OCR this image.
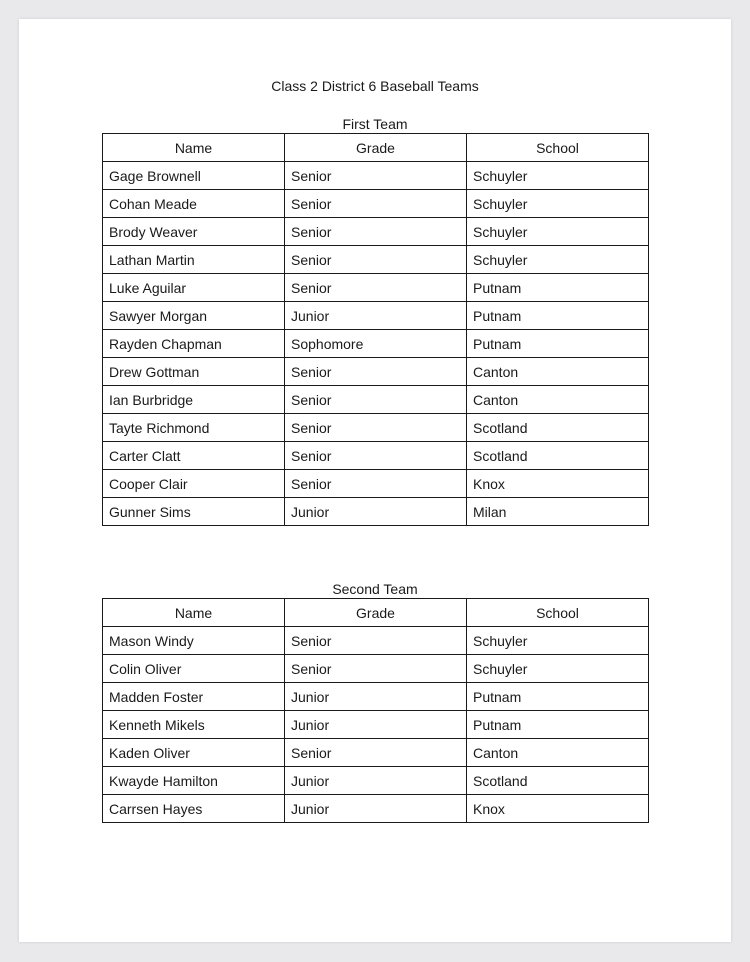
Class 2 District 6 Baseball Teams
First Team
Name	Grade	School
Gage Brownell	Senior	Schuyler
Cohan Meade	Senior	Schuyler
Brody Weaver	Senior	Schuyler
Lathan Martin	Senior	Schuyler
Luke Aguilar	Senior	Putnam
Sawyer Morgan	Junior	Putnam
Rayden Chapman	Sophomore	Putnam
Drew Gottman	Senior	Canton
Ian Burbridge	Senior	Canton
Tayte Richmond	Senior	Scotland
Carter Clatt	Senior	Scotland
Cooper Clair	Senior	Knox
Gunner Sims	Junior	Milan
Second Team
Name	Grade	School
Mason Windy	Senior	Schuyler
Colin Oliver	Senior	Schuyler
Madden Foster	Junior	Putnam
Kenneth Mikels	Junior	Putnam
Kaden Oliver	Senior	Canton
Kwayde Hamilton	Junior	Scotland
Carrsen Hayes	Junior	Knox
